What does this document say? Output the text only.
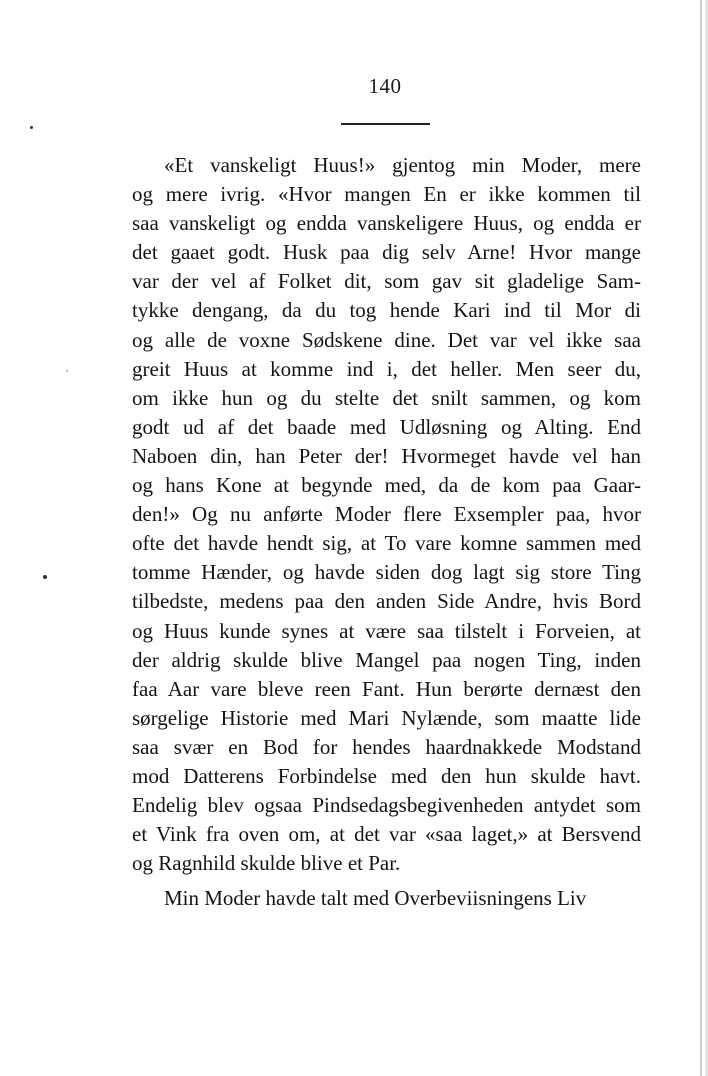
140
«Et vanskeligt Huus!» gjentog min Moder, mere
og mere ivrig. «Hvor mangen En er ikke kommen til
saa vanskeligt og endda vanskeligere Huus, og endda er
det gaaet godt. Husk paa dig selv Arne! Hvor mange
var der vel af Folket dit, som gav sit gladelige Sam-
tykke dengang, da du tog hende Kari ind til Mor di
og alle de voxne Sødskene dine. Det var vel ikke saa
greit Huus at komme ind i, det heller. Men seer du,
om ikke hun og du stelte det snilt sammen, og kom
godt ud af det baade med Udløsning og Alting. End
Naboen din, han Peter der! Hvormeget havde vel han
og hans Kone at begynde med, da de kom paa Gaar-
den!» Og nu anførte Moder flere Exsempler paa, hvor
ofte det havde hendt sig, at To vare komne sammen med
tomme Hænder, og havde siden dog lagt sig store Ting
tilbedste, medens paa den anden Side Andre, hvis Bord
og Huus kunde synes at være saa tilstelt i Forveien, at
der aldrig skulde blive Mangel paa nogen Ting, inden
faa Aar vare bleve reen Fant. Hun berørte dernæst den
sørgelige Historie med Mari Nylænde, som maatte lide
saa svær en Bod for hendes haardnakkede Modstand
mod Datterens Forbindelse med den hun skulde havt.
Endelig blev ogsaa Pindsedagsbegivenheden antydet som
et Vink fra oven om, at det var «saa laget,» at Bersvend
og Ragnhild skulde blive et Par.
Min Moder havde talt med Overbeviisningens Liv
